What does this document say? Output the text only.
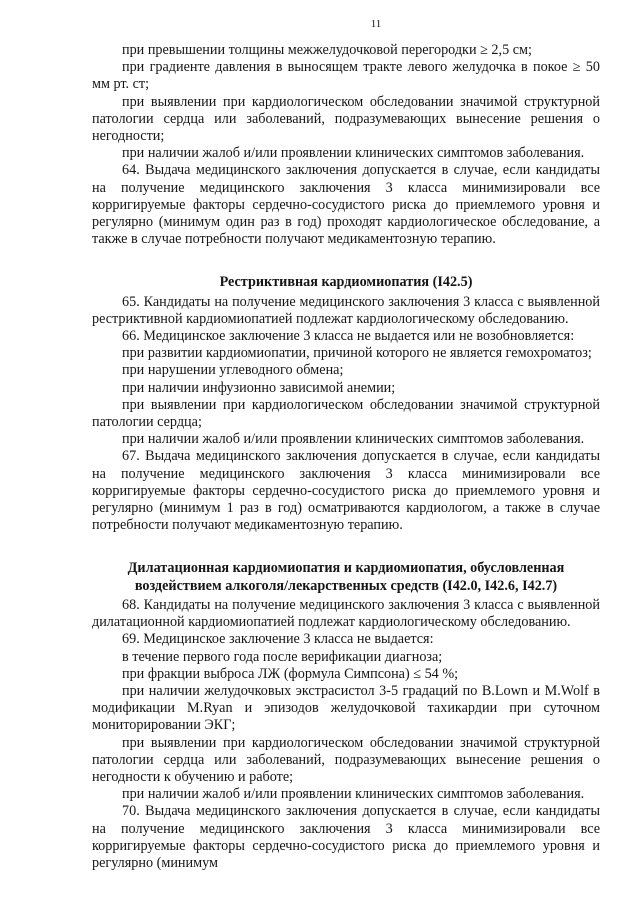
11

при превышении толщины межжелудочковой перегородки ≥ 2,5 см;

при градиенте давления в выносящем тракте левого желудочка в покое ≥ 50 мм рт. ст;

при выявлении при кардиологическом обследовании значимой структурной патологии сердца или заболеваний, подразумевающих вынесение решения о негодности;

при наличии жалоб и/или проявлении клинических симптомов заболевания.

64. Выдача медицинского заключения допускается в случае, если кандидаты на получение медицинского заключения 3 класса минимизировали все корригируемые факторы сердечно-сосудистого риска до приемлемого уровня и регулярно (минимум один раз в год) проходят кардиологическое обследование, а также в случае потребности получают медикаментозную терапию.

Рестриктивная кардиомиопатия (I42.5)

65. Кандидаты на получение медицинского заключения 3 класса с выявленной рестриктивной кардиомиопатией подлежат кардиологическому обследованию.

66. Медицинское заключение 3 класса не выдается или не возобновляется:

при развитии кардиомиопатии, причиной которого не является гемохроматоз;

при нарушении углеводного обмена;

при наличии инфузионно зависимой анемии;

при выявлении при кардиологическом обследовании значимой структурной патологии сердца;

при наличии жалоб и/или проявлении клинических симптомов заболевания.

67. Выдача медицинского заключения допускается в случае, если кандидаты на получение медицинского заключения 3 класса минимизировали все корригируемые факторы сердечно-сосудистого риска до приемлемого уровня и регулярно (минимум 1 раз в год) осматриваются кардиологом, а также в случае потребности получают медикаментозную терапию.

Дилатационная кардиомиопатия и кардиомиопатия, обусловленная воздействием алкоголя/лекарственных средств (I42.0, I42.6, I42.7)

68. Кандидаты на получение медицинского заключения 3 класса с выявленной дилатационной кардиомиопатией подлежат кардиологическому обследованию.

69. Медицинское заключение 3 класса не выдается:

в течение первого года после верификации диагноза;

при фракции выброса ЛЖ (формула Симпсона) ≤ 54 %;

при наличии желудочковых экстрасистол 3-5 градаций по B.Lown и M.Wolf в модификации M.Ryan и эпизодов желудочковой тахикардии при суточном мониторировании ЭКГ;

при выявлении при кардиологическом обследовании значимой структурной патологии сердца или заболеваний, подразумевающих вынесение решения о негодности к обучению и работе;

при наличии жалоб и/или проявлении клинических симптомов заболевания.

70. Выдача медицинского заключения допускается в случае, если кандидаты на получение медицинского заключения 3 класса минимизировали все корригируемые факторы сердечно-сосудистого риска до приемлемого уровня и регулярно (минимум
